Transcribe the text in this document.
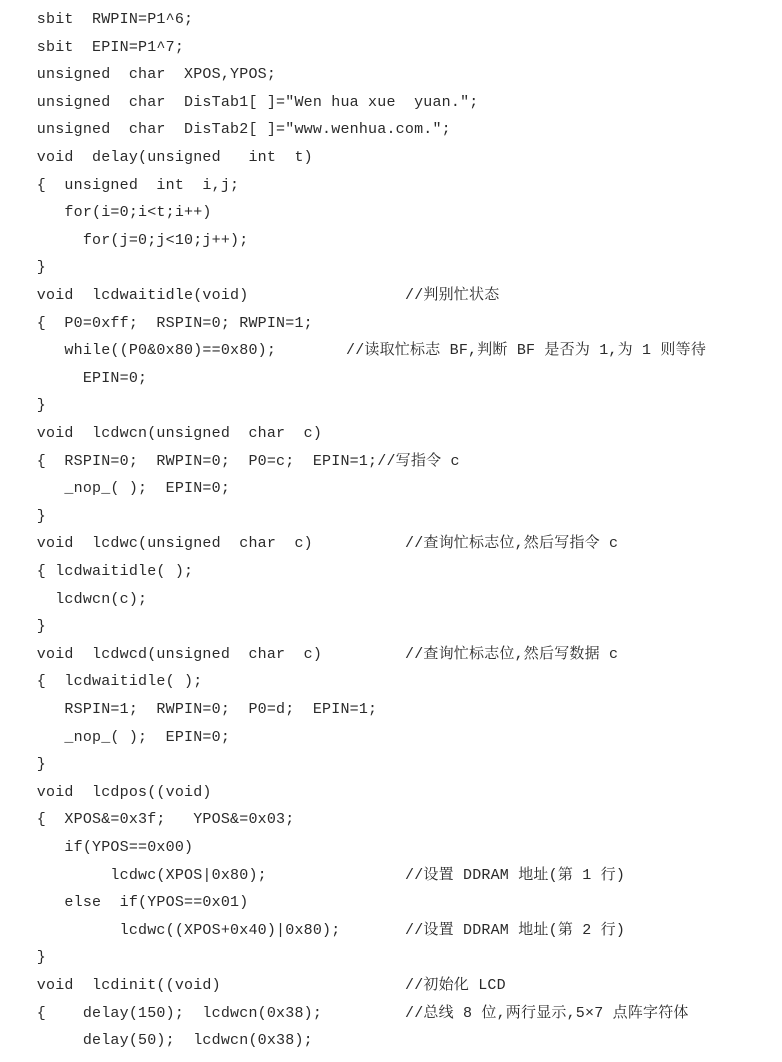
sbit  RWPIN=P1^6;
sbit  EPIN=P1^7;
unsigned  char  XPOS,YPOS;
unsigned  char  DisTab1[ ]="Wen hua xue  yuan.";
unsigned  char  DisTab2[ ]="www.wenhua.com.";
void  delay(unsigned   int  t)
{  unsigned  int  i,j;
for(i=0;i<t;i++)
for(j=0;j<10;j++);
}
void  lcdwaitidle(void)	//判别忙状态
{  P0=0xff;  RSPIN=0; RWPIN=1;
while((P0&0x80)==0x80); //读取忙标志 BF,判断 BF 是否为 1,为 1 则等待
EPIN=0;
}
void  lcdwcn(unsigned  char  c)
{  RSPIN=0;  RWPIN=0;  P0=c;  EPIN=1;//写指令 c
_nop_( );  EPIN=0;
}
void  lcdwc(unsigned  char  c)	//查询忙标志位,然后写指令 c
{ lcdwaitidle( );
lcdwcn(c);
}
void  lcdwcd(unsigned  char  c)	//查询忙标志位,然后写数据 c
{  lcdwaitidle( );
RSPIN=1;  RWPIN=0;  P0=d;  EPIN=1;
_nop_( );  EPIN=0;
}
void  lcdpos((void)
{  XPOS&=0x3f;   YPOS&=0x03;
if(YPOS==0x00)
lcdwc(XPOS|0x80);	//设置 DDRAM 地址(第 1 行)
else  if(YPOS==0x01)
lcdwc((XPOS+0x40)|0x80);	//设置 DDRAM 地址(第 2 行)
}
void  lcdinit((void)	//初始化 LCD
{    delay(150);  lcdwcn(0x38);	//总线 8 位,两行显示,5×7 点阵字符体
delay(50);  lcdwcn(0x38);
